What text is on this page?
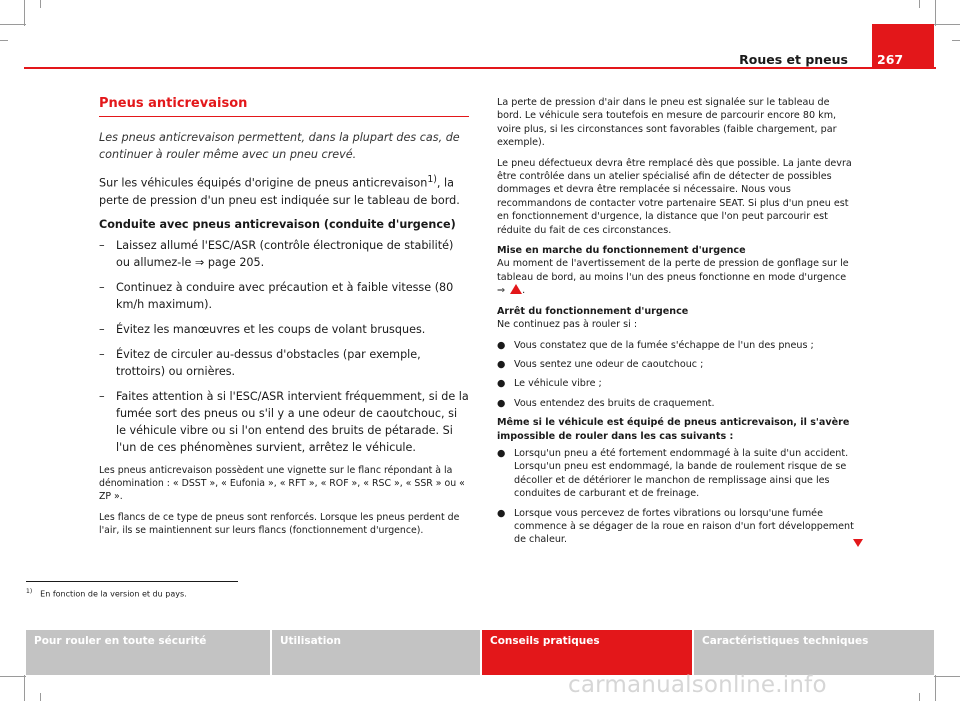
Roues et pneus 267
Pneus anticrevaison

Les pneus anticrevaison permettent, dans la plupart des cas, de continuer à rouler même avec un pneu crevé.

Sur les véhicules équipés d'origine de pneus anticrevaison$^{1)}$, la perte de pression d'un pneu est indiquée sur le tableau de bord.

Conduite avec pneus anticrevaison (conduite d'urgence)
– Laissez allumé l'ESC/ASR (contrôle électronique de stabilité) ou allumez-le ⇒ page 205.
– Continuez à conduire avec précaution et à faible vitesse (80 km/h maximum).
– Évitez les manœuvres et les coups de volant brusques.
– Évitez de circuler au-dessus d'obstacles (par exemple, trottoirs) ou ornières.
– Faites attention à si l'ESC/ASR intervient fréquemment, si de la fumée sort des pneus ou s'il y a une odeur de caoutchouc, si le véhicule vibre ou si l'on entend des bruits de pétarade. Si l'un de ces phénomènes survient, arrêtez le véhicule.

Les pneus anticrevaison possèdent une vignette sur le flanc répondant à la dénomination : « DSST », « Eufonia », « RFT », « ROF », « RSC », « SSR » ou « ZP ».

Les flancs de ce type de pneus sont renforcés. Lorsque les pneus perdent de l'air, ils se maintiennent sur leurs flancs (fonctionnement d'urgence).

La perte de pression d'air dans le pneu est signalée sur le tableau de bord. Le véhicule sera toutefois en mesure de parcourir encore 80 km, voire plus, si les circonstances sont favorables (faible chargement, par exemple).

Le pneu défectueux devra être remplacé dès que possible. La jante devra être contrôlée dans un atelier spécialisé afin de détecter de possibles dommages et devra être remplacée si nécessaire. Nous vous recommandons de contacter votre partenaire SEAT. Si plus d'un pneu est en fonctionnement d'urgence, la distance que l'on peut parcourir est réduite du fait de ces circonstances.

Mise en marche du fonctionnement d'urgence

Au moment de l'avertissement de la perte de pression de gonflage sur le tableau de bord, au moins l'un des pneus fonctionne en mode d'urgence
⇒ .

Arrêt du fonctionnement d'urgence

Ne continuez pas à rouler si :

● Vous constatez que de la fumée s'échappe de l'un des pneus ;
● Vous sentez une odeur de caoutchouc ;
● Le véhicule vibre ;
● Vous entendez des bruits de craquement.
Même si le véhicule est équipé de pneus anticrevaison, il s'avère impossible de rouler dans les cas suivants :
● Lorsqu'un pneu a été fortement endommagé à la suite d'un accident. Lorsqu'un pneu est endommagé, la bande de roulement risque de se décoller et de détériorer le manchon de remplissage ainsi que les conduites de carburant et de freinage.
● Lorsque vous percevez de fortes vibrations ou lorsqu'une fumée commence à se dégager de la roue en raison d'un fort développement de chaleur.
$^{1)}$ En fonction de la version et du pays.
Pour rouler en toute sécurité	Utilisation	Conseils pratiques	Caractéristiques techniques
carmanualsonline.info
